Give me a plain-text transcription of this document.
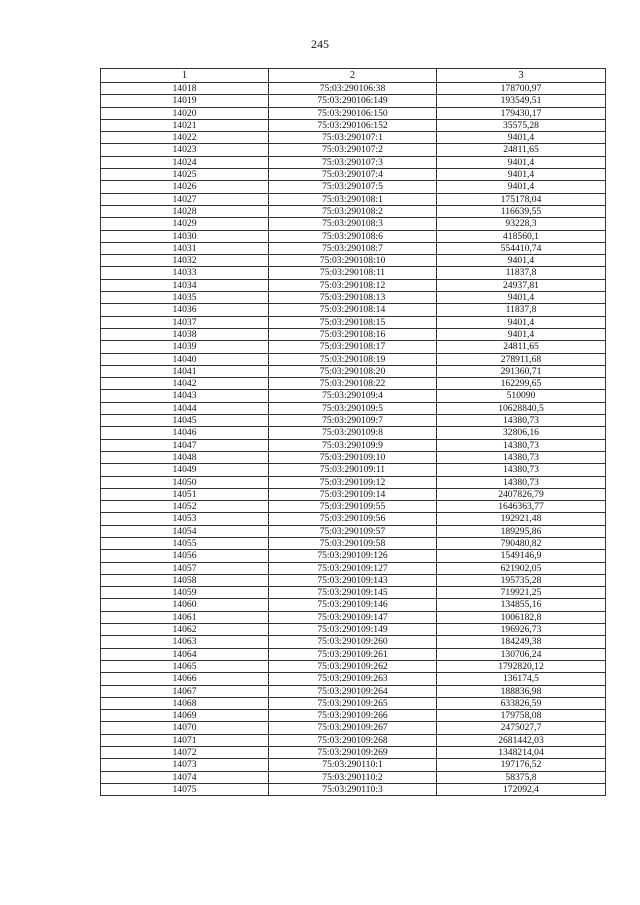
245
1	2	3
14018	75:03:290106:38	178700,97
14019	75:03:290106:149	193549,51
14020	75:03:290106:150	179430,17
14021	75:03:290106:152	35575,28
14022	75:03:290107:1	9401,4
14023	75:03:290107:2	24811,65
14024	75:03:290107:3	9401,4
14025	75:03:290107:4	9401,4
14026	75:03:290107:5	9401,4
14027	75:03:290108:1	175178,04
14028	75:03:290108:2	116639,55
14029	75:03:290108:3	93228,3
14030	75:03:290108:6	418560,1
14031	75:03:290108:7	554410,74
14032	75:03:290108:10	9401,4
14033	75:03:290108:11	11837,8
14034	75:03:290108:12	24937,81
14035	75:03:290108:13	9401,4
14036	75:03:290108:14	11837,8
14037	75:03:290108:15	9401,4
14038	75:03:290108:16	9401,4
14039	75:03:290108:17	24811,65
14040	75:03:290108:19	278911,68
14041	75:03:290108:20	291360,71
14042	75:03:290108:22	162299,65
14043	75:03:290109:4	510090
14044	75:03:290109:5	10628840,5
14045	75:03:290109:7	14380,73
14046	75:03:290109:8	32806,16
14047	75:03:290109:9	14380,73
14048	75:03:290109:10	14380,73
14049	75:03:290109:11	14380,73
14050	75:03:290109:12	14380,73
14051	75:03:290109:14	2407826,79
14052	75:03:290109:55	1646363,77
14053	75:03:290109:56	192921,48
14054	75:03:290109:57	189295,86
14055	75:03:290109:58	790480,82
14056	75:03:290109:126	1549146,9
14057	75:03:290109:127	621902,05
14058	75:03:290109:143	195735,28
14059	75:03:290109:145	719921,25
14060	75:03:290109:146	134855,16
14061	75:03:290109:147	1006182,8
14062	75:03:290109:149	196926,73
14063	75:03:290109:260	184249,38
14064	75:03:290109:261	130706,24
14065	75:03:290109:262	1792820,12
14066	75:03:290109:263	136174,5
14067	75:03:290109:264	188836,98
14068	75:03:290109:265	633826,59
14069	75:03:290109:266	179758,08
14070	75:03:290109:267	2475027,7
14071	75:03:290109:268	2681442,03
14072	75:03:290109:269	1348214,04
14073	75:03:290110:1	197176,52
14074	75:03:290110:2	58375,8
14075	75:03:290110:3	172092,4
